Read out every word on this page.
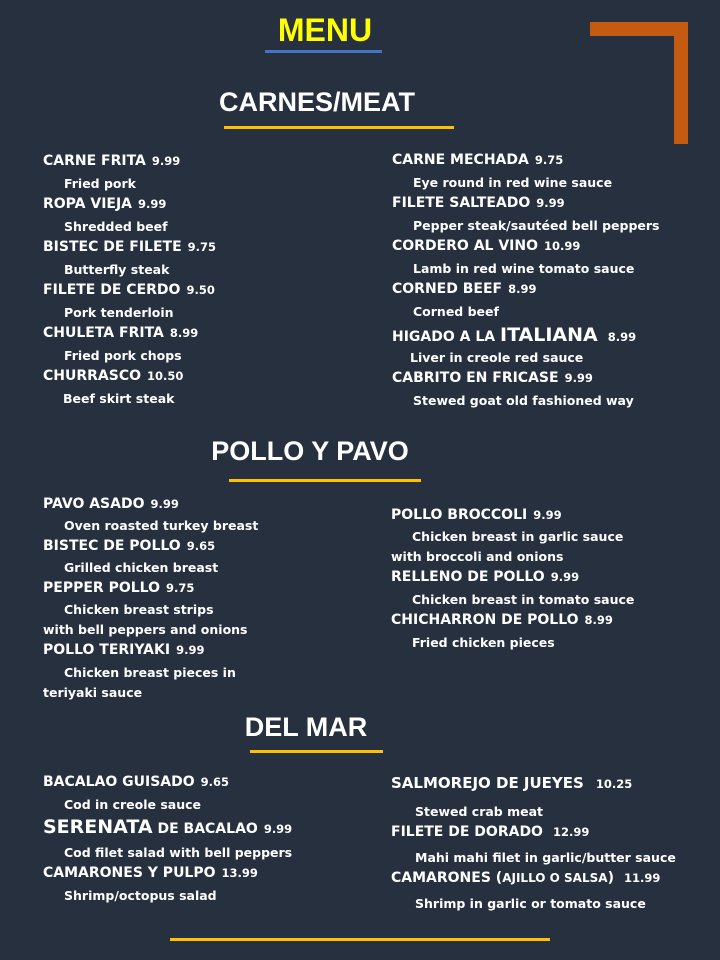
MENU
CARNES/MEAT
CARNE FRITA 9.99
Fried pork
ROPA VIEJA 9.99
Shredded beef
BISTEC DE FILETE 9.75
Butterfly steak
FILETE DE CERDO 9.50
Pork tenderloin
CHULETA FRITA 8.99
Fried pork chops
CHURRASCO 10.50
Beef skirt steak
CARNE MECHADA 9.75
Eye round in red wine sauce
FILETE SALTEADO 9.99
Pepper steak/sautéed bell peppers
CORDERO AL VINO 10.99
Lamb in red wine tomato sauce
CORNED BEEF 8.99
Corned beef
HIGADO A LA ITALIANA 8.99
Liver in creole red sauce
CABRITO EN FRICASE 9.99
Stewed goat old fashioned way
POLLO Y PAVO
PAVO ASADO 9.99
Oven roasted turkey breast
BISTEC DE POLLO 9.65
Grilled chicken breast
PEPPER POLLO 9.75
Chicken breast strips
with bell peppers and onions
POLLO TERIYAKI 9.99
Chicken breast pieces in
teriyaki sauce
POLLO BROCCOLI 9.99
Chicken breast in garlic sauce
with broccoli and onions
RELLENO DE POLLO 9.99
Chicken breast in tomato sauce
CHICHARRON DE POLLO 8.99
Fried chicken pieces
DEL MAR
BACALAO GUISADO 9.65
Cod in creole sauce
SERENATA DE BACALAO 9.99
Cod filet salad with bell peppers
CAMARONES Y PULPO 13.99
Shrimp/octopus salad
SALMOREJO DE JUEYES 10.25
Stewed crab meat
FILETE DE DORADO 12.99
Mahi mahi filet in garlic/butter sauce
CAMARONES (AJILLO O SALSA) 11.99
Shrimp in garlic or tomato sauce
